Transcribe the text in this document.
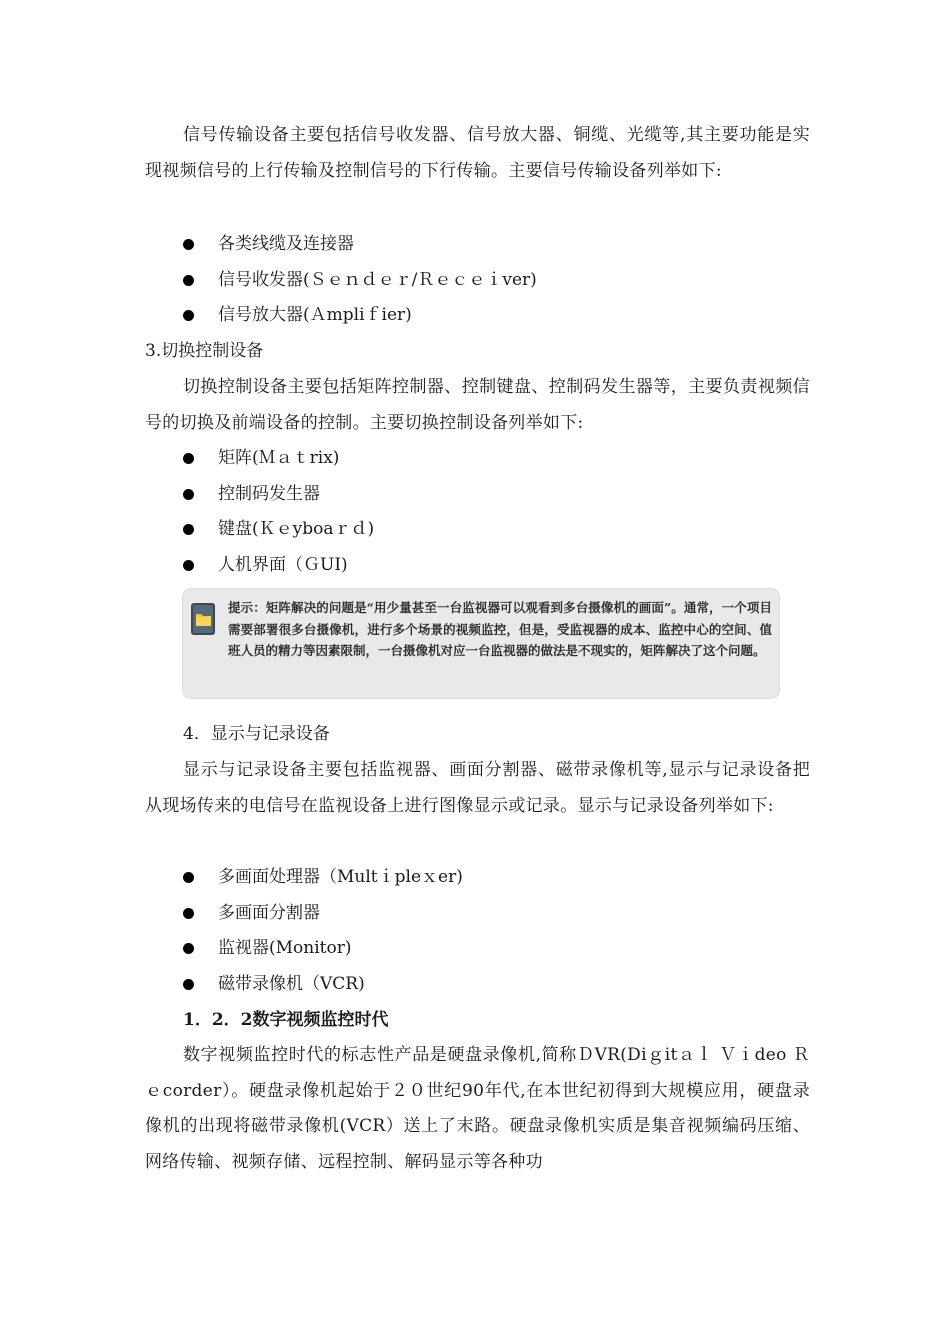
信号传输设备主要包括信号收发器、信号放大器、铜缆、光缆等,其主要功能是实现视频信号的上行传输及控制信号的下行传输。主要信号传输设备列举如下:

各类线缆及连接器
信号收发器(Ｓｅｎｄｅｒ/Ｒｅｃｅｉver)
信号放大器(Ａmpliｆier)

3.切换控制设备

切换控制设备主要包括矩阵控制器、控制键盘、控制码发生器等，主要负责视频信号的切换及前端设备的控制。主要切换控制设备列举如下:

矩阵(Ｍａｔrix)
控制码发生器
键盘(Ｋｅyboaｒｄ)
人机界面（ＧUI)

提示：矩阵解决的问题是“用少量甚至一台监视器可以观看到多台摄像机的画面”。通常，一个项目需要部署很多台摄像机，进行多个场景的视频监控，但是，受监视器的成本、监控中心的空间、值班人员的精力等因素限制，一台摄像机对应一台监视器的做法是不现实的，矩阵解决了这个问题。

4．显示与记录设备

显示与记录设备主要包括监视器、画面分割器、磁带录像机等,显示与记录设备把从现场传来的电信号在监视设备上进行图像显示或记录。显示与记录设备列举如下:

多画面处理器（Multｉpleｘer)
多画面分割器
监视器(Monitor)
磁带录像机（VCR)

1．2．2数字视频监控时代

数字视频监控时代的标志性产品是硬盘录像机,简称ＤVR(Diｇitａｌ Ｖｉdeo Ｒｅcorder）。硬盘录像机起始于２０世纪90年代,在本世纪初得到大规模应用，硬盘录像机的出现将磁带录像机(VCR）送上了末路。硬盘录像机实质是集音视频编码压缩、网络传输、视频存储、远程控制、解码显示等各种功
